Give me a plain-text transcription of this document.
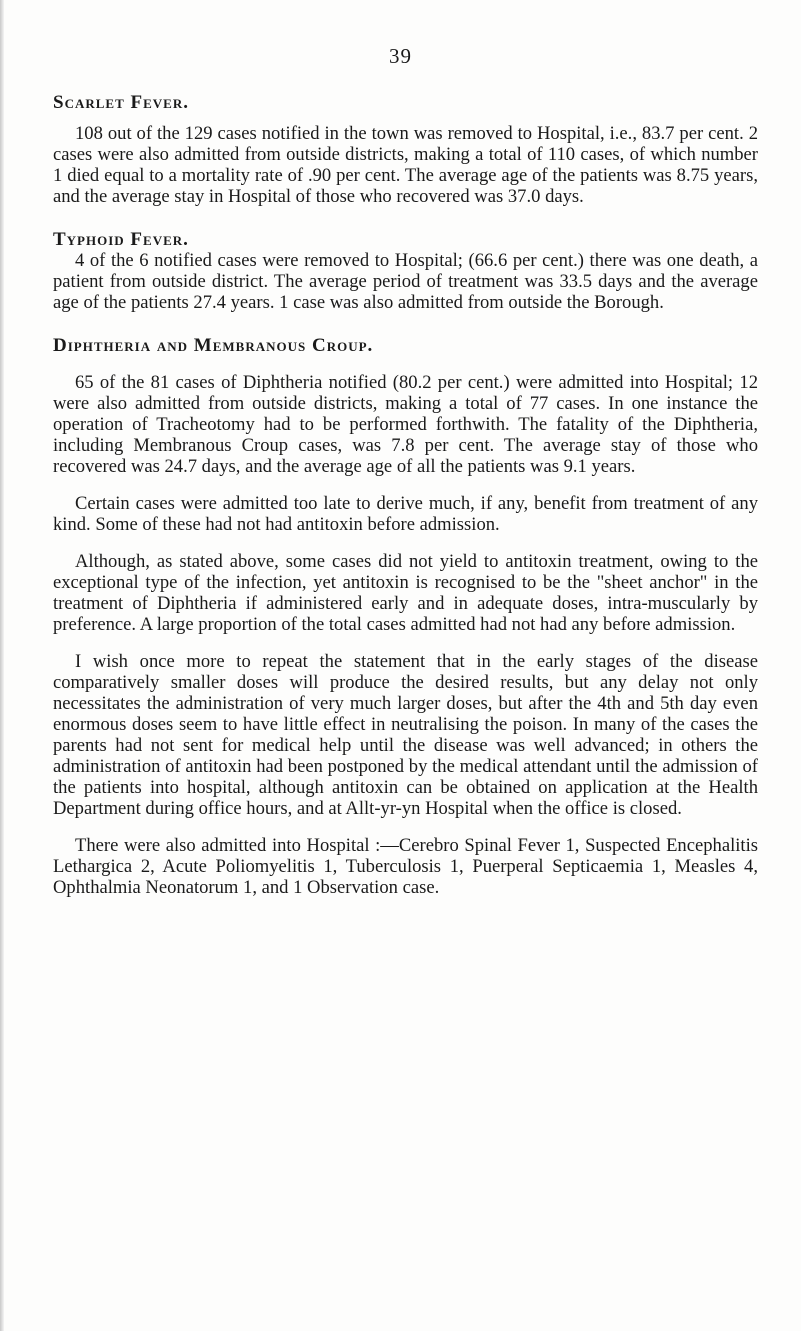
39
Scarlet Fever.

108 out of the 129 cases notified in the town was removed to Hospital, i.e., 83.7 per cent. 2 cases were also admitted from outside districts, making a total of 110 cases, of which number 1 died equal to a mortality rate of .90 per cent. The average age of the patients was 8.75 years, and the average stay in Hospital of those who recovered was 37.0 days.

Typhoid Fever.

4 of the 6 notified cases were removed to Hospital; (66.6 per cent.) there was one death, a patient from outside district. The average period of treatment was 33.5 days and the average age of the patients 27.4 years. 1 case was also admitted from outside the Borough.

Diphtheria and Membranous Croup.

65 of the 81 cases of Diphtheria notified (80.2 per cent.) were admitted into Hospital; 12 were also admitted from outside districts, making a total of 77 cases. In one instance the operation of Tracheotomy had to be performed forthwith. The fatality of the Diphtheria, including Membranous Croup cases, was 7.8 per cent. The average stay of those who recovered was 24.7 days, and the average age of all the patients was 9.1 years.

Certain cases were admitted too late to derive much, if any, benefit from treatment of any kind. Some of these had not had antitoxin before admission.

Although, as stated above, some cases did not yield to antitoxin treatment, owing to the exceptional type of the infection, yet antitoxin is recognised to be the "sheet anchor" in the treatment of Diphtheria if administered early and in adequate doses, intra-muscularly by preference. A large proportion of the total cases admitted had not had any before admission.

I wish once more to repeat the statement that in the early stages of the disease comparatively smaller doses will produce the desired results, but any delay not only necessitates the administration of very much larger doses, but after the 4th and 5th day even enormous doses seem to have little effect in neutralising the poison. In many of the cases the parents had not sent for medical help until the disease was well advanced; in others the administration of antitoxin had been postponed by the medical attendant until the admission of the patients into hospital, although antitoxin can be obtained on application at the Health Department during office hours, and at Allt-yr-yn Hospital when the office is closed.

There were also admitted into Hospital :—Cerebro Spinal Fever 1, Suspected Encephalitis Lethargica 2, Acute Poliomyelitis 1, Tuberculosis 1, Puerperal Septicaemia 1, Measles 4, Ophthalmia Neonatorum 1, and 1 Observation case.
